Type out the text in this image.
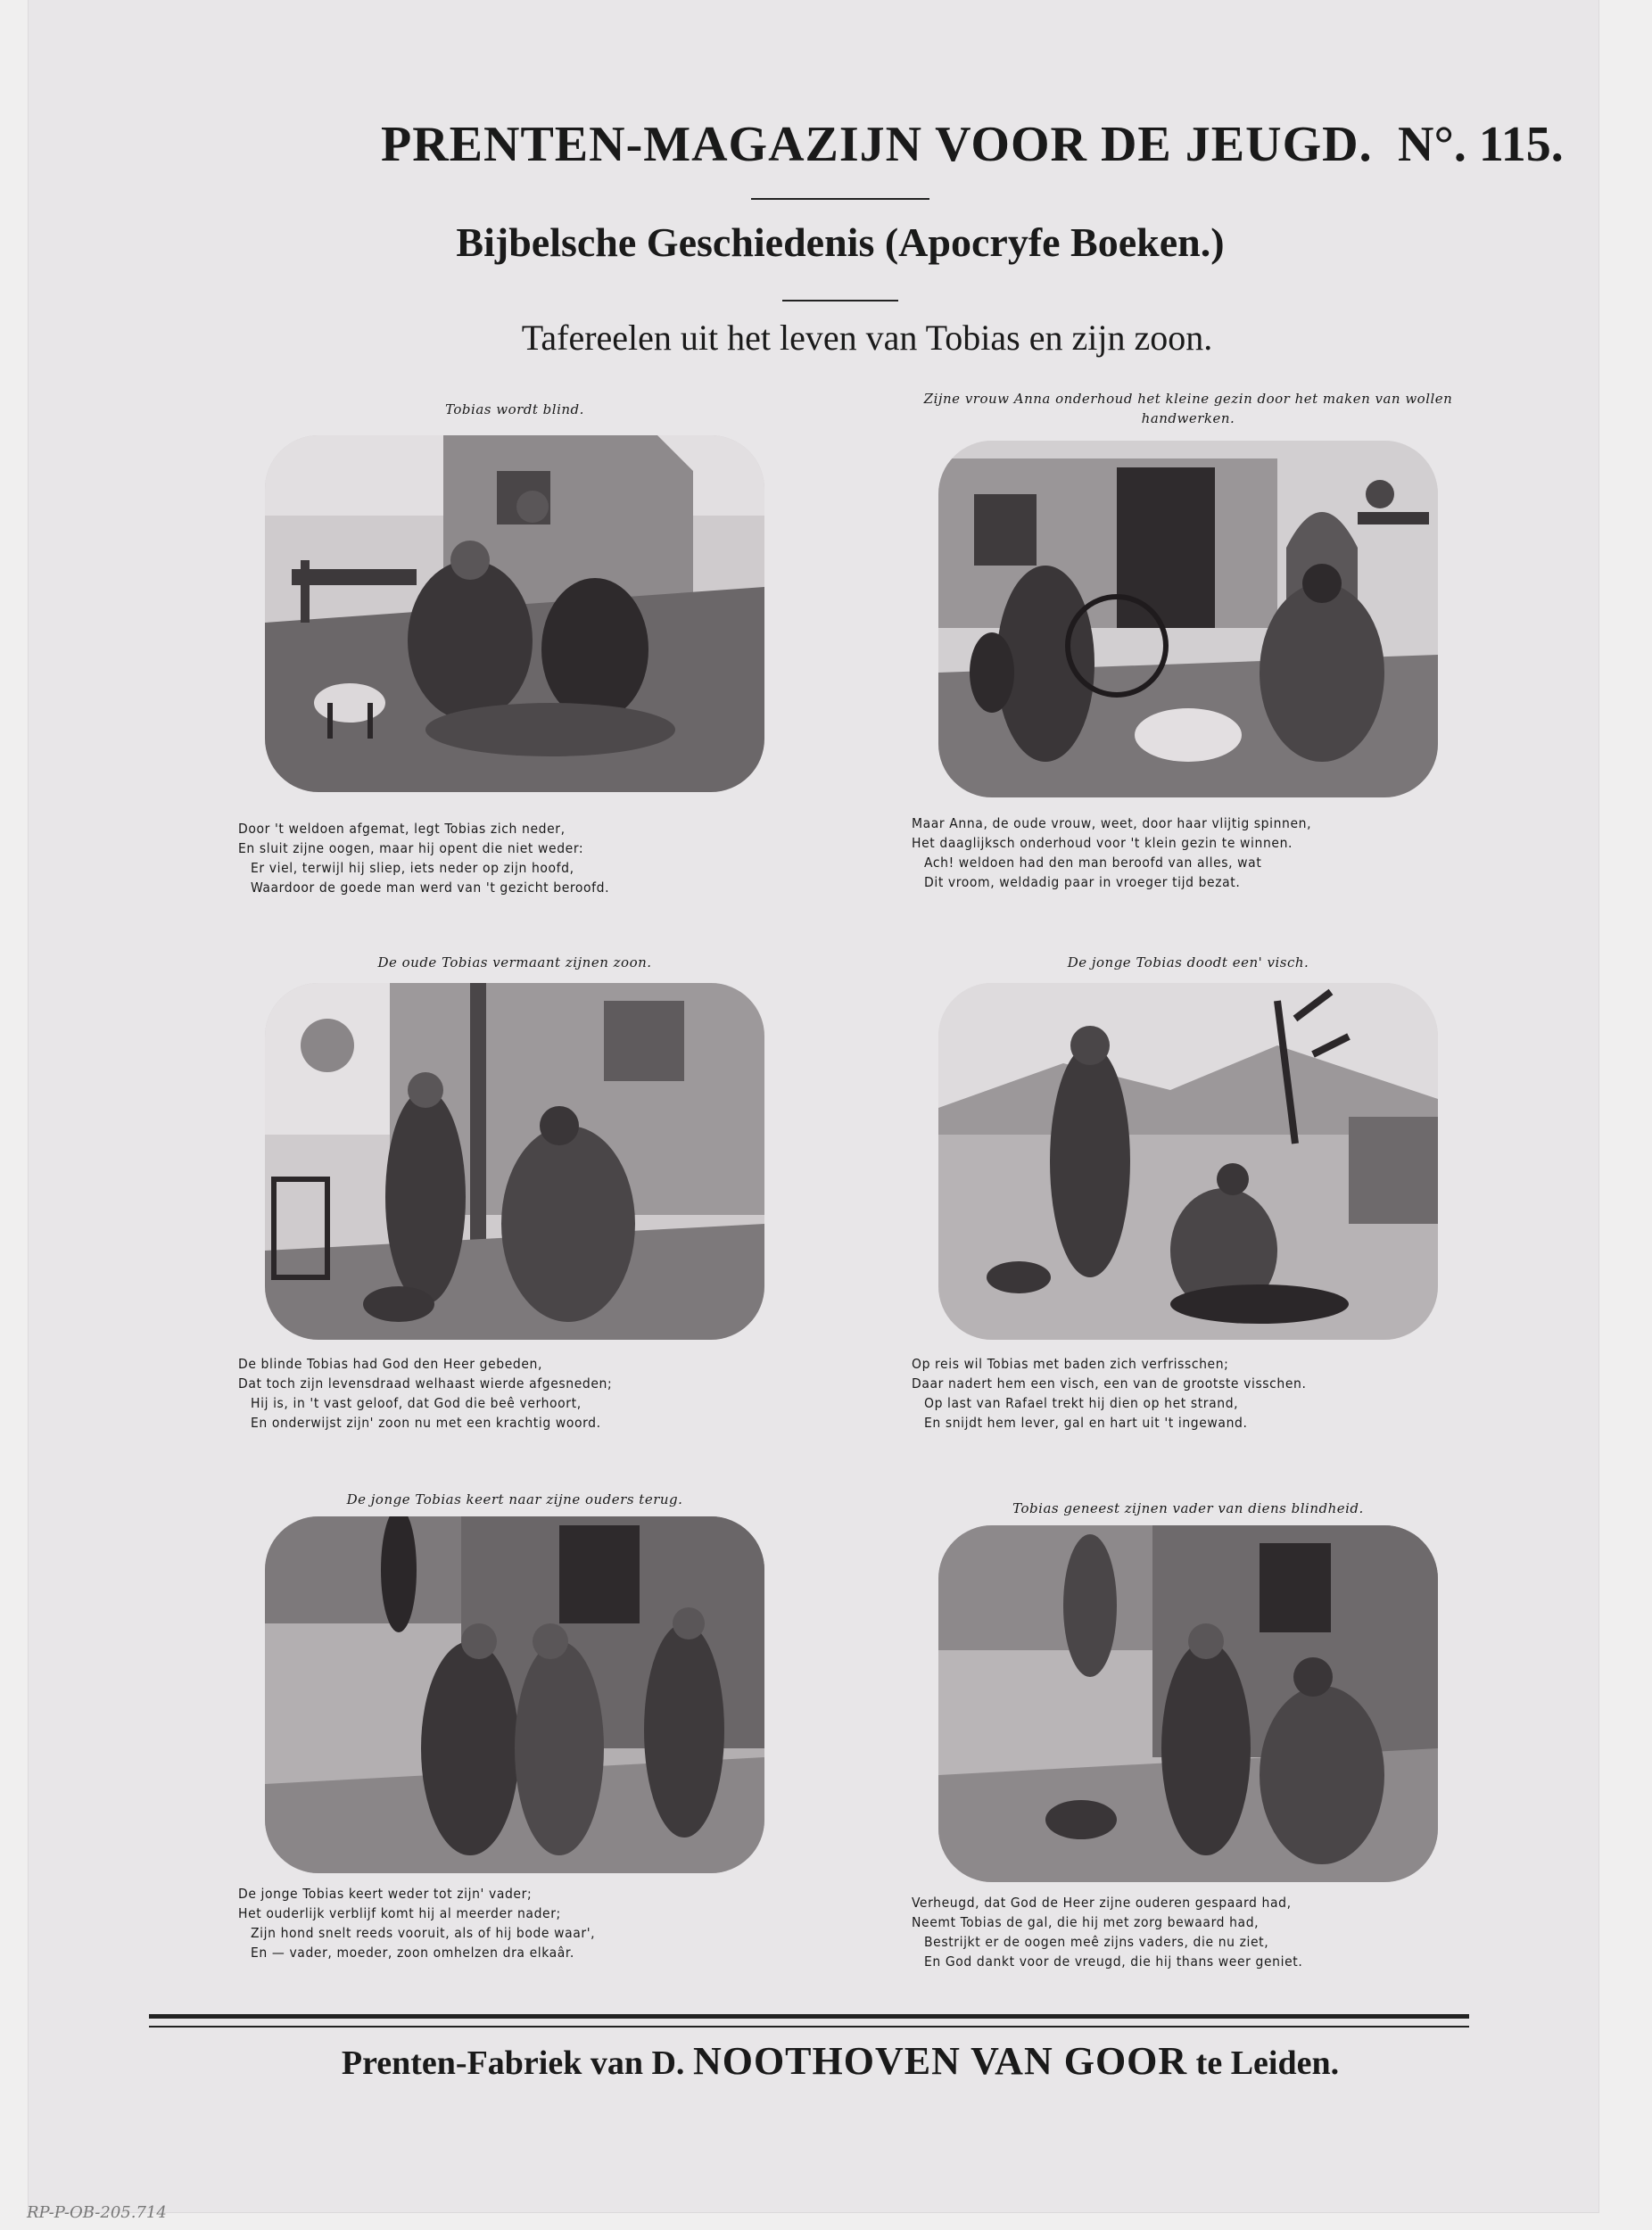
PRENTEN-MAGAZIJN VOOR DE JEUGD. N°. 115.
Bijbelsche Geschiedenis (Apocryfe Boeken.)
Tafereelen uit het leven van Tobias en zijn zoon.
Tobias wordt blind.
Door 't weldoen afgemat, legt Tobias zich neder,
En sluit zijne oogen, maar hij opent die niet weder:
Er viel, terwijl hij sliep, iets neder op zijn hoofd,
Waardoor de goede man werd van 't gezicht beroofd.
Zijne vrouw Anna onderhoud het kleine gezin door het maken van wollen handwerken.
Maar Anna, de oude vrouw, weet, door haar vlijtig spinnen,
Het daaglijksch onderhoud voor 't klein gezin te winnen.
Ach! weldoen had den man beroofd van alles, wat
Dit vroom, weldadig paar in vroeger tijd bezat.
De oude Tobias vermaant zijnen zoon.
De blinde Tobias had God den Heer gebeden,
Dat toch zijn levensdraad welhaast wierde afgesneden;
Hij is, in 't vast geloof, dat God die beê verhoort,
En onderwijst zijn' zoon nu met een krachtig woord.
De jonge Tobias doodt een' visch.
Op reis wil Tobias met baden zich verfrisschen;
Daar nadert hem een visch, een van de grootste visschen.
Op last van Rafael trekt hij dien op het strand,
En snijdt hem lever, gal en hart uit 't ingewand.
De jonge Tobias keert naar zijne ouders terug.
De jonge Tobias keert weder tot zijn' vader;
Het ouderlijk verblijf komt hij al meerder nader;
Zijn hond snelt reeds vooruit, als of hij bode waar',
En — vader, moeder, zoon omhelzen dra elkaâr.
Tobias geneest zijnen vader van diens blindheid.
Verheugd, dat God de Heer zijne ouderen gespaard had,
Neemt Tobias de gal, die hij met zorg bewaard had,
Bestrijkt er de oogen meê zijns vaders, die nu ziet,
En God dankt voor de vreugd, die hij thans weer geniet.
Prenten-Fabriek van D. NOOTHOVEN VAN GOOR te Leiden.
RP-P-OB-205.714
